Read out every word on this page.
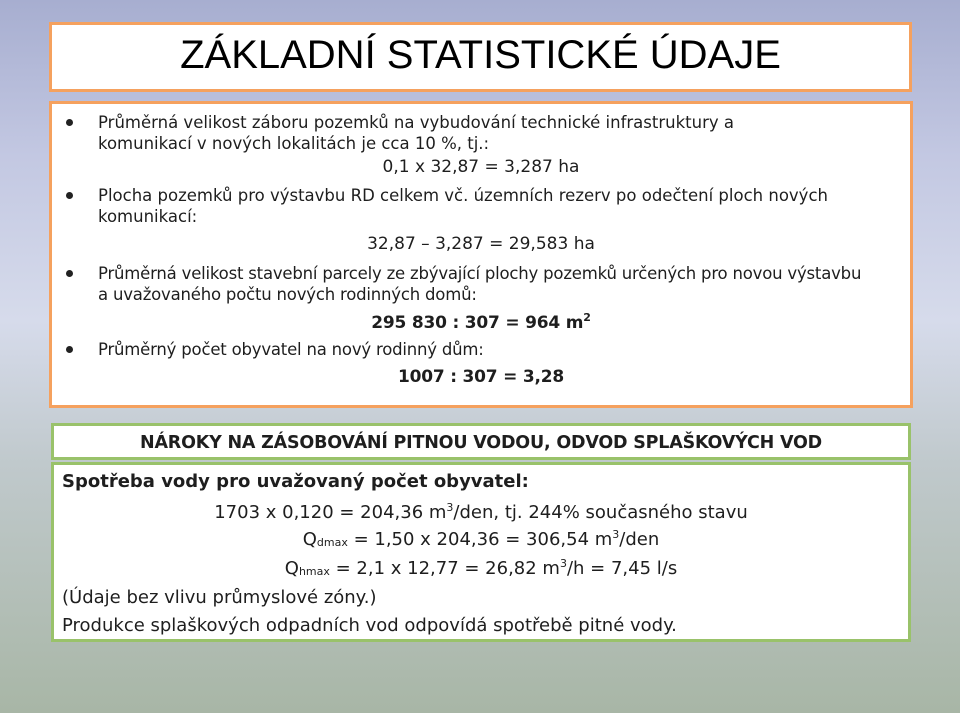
ZÁKLADNÍ STATISTICKÉ ÚDAJE
Průměrná velikost záboru pozemků na vybudování technické infrastruktury a komunikací v nových lokalitách je cca 10 %, tj.:
0,1 x 32,87 = 3,287 ha
Plocha pozemků pro výstavbu RD celkem vč. územních rezerv po odečtení ploch nových komunikací:
32,87 – 3,287 = 29,583 ha
Průměrná velikost stavební parcely ze zbývající plochy pozemků určených pro novou výstavbu a uvažovaného počtu nových rodinných domů:
295 830 : 307 = 964 $m^2$
Průměrný počet obyvatel na nový rodinný dům:
1007 : 307 = 3,28
NÁROKY NA ZÁSOBOVÁNÍ PITNOU VODOU, ODVOD SPLAŠKOVÝCH VOD
Spotřeba vody pro uvažovaný počet obyvatel:
1703 x 0,120 = 204,36 $m^3$/den, tj. 244% současného stavu
$Q_{dmax} = 1,50$ x 204,36 = 306,54 $m^3$/den
$Q_{hmax} = 2,1$ x 12,77 = 26,82 $m^3/h = 7,45$ l/s
(Údaje bez vlivu průmyslové zóny.)
Produkce splaškových odpadních vod odpovídá spotřebě pitné vody.
